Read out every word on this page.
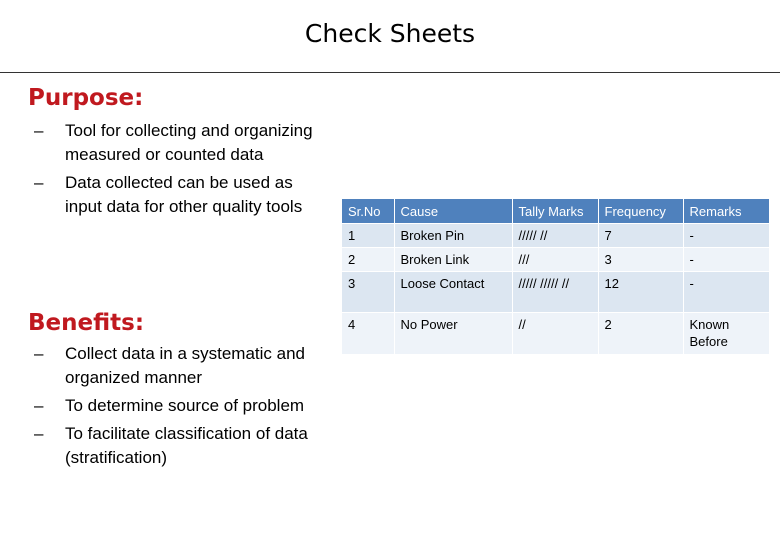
Check Sheets
Purpose:
– Tool for collecting and organizing measured or counted data
– Data collected can be used as input data for other quality tools
Benefits:
– Collect data in a systematic and organized manner
– To determine source of problem
– To facilitate classification of data (stratification)
Sr.No	Cause	Tally Marks	Frequency	Remarks
1	Broken Pin	///// //	7	-
2	Broken Link	///	3	-
3	Loose Contact	///// ///// //	12	-
4	No Power	//	2	Known Before
